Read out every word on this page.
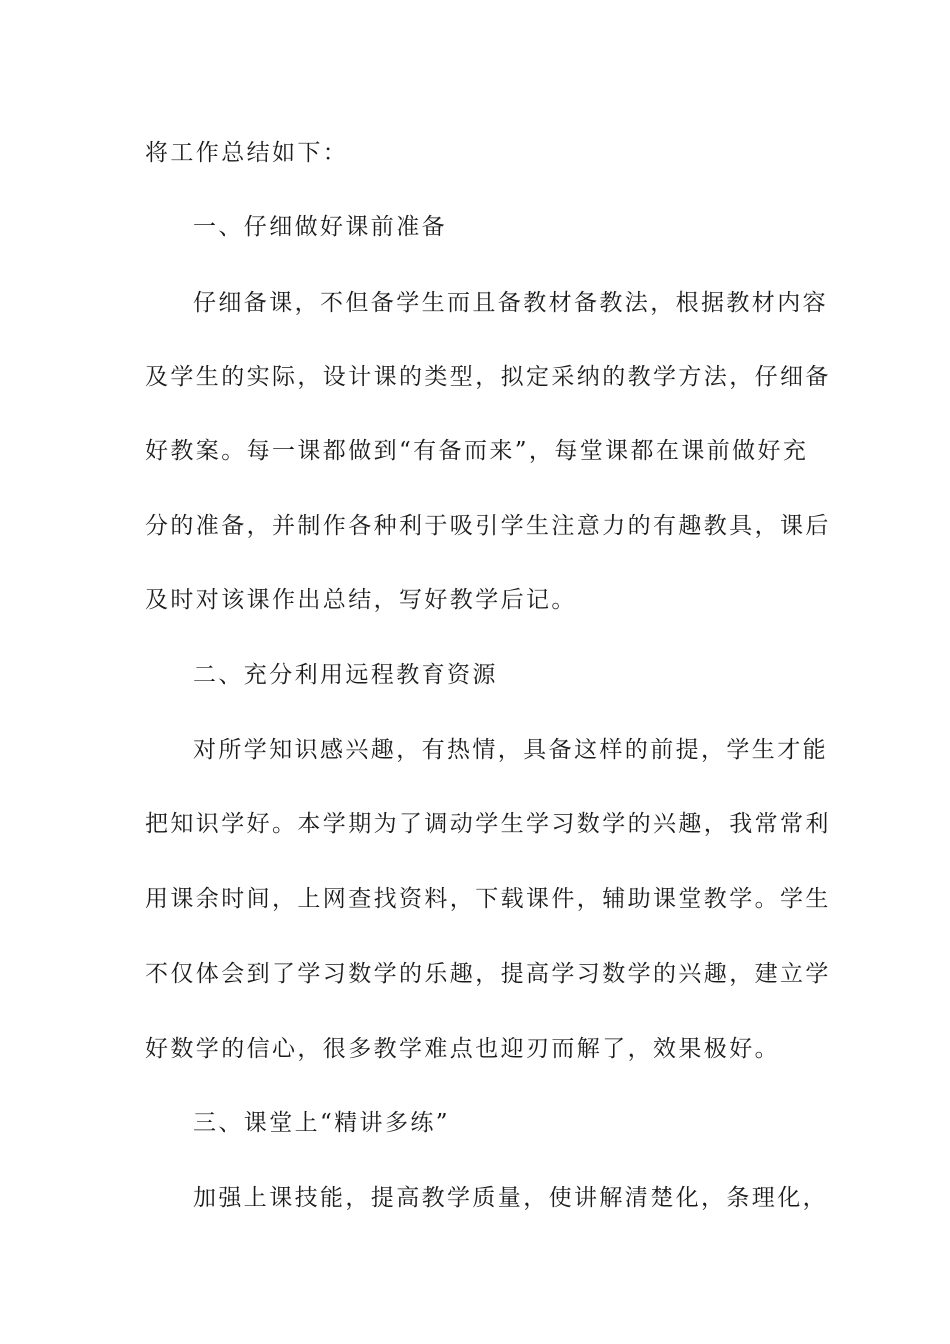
将工作总结如下：
一、仔细做好课前准备
仔细备课，不但备学生而且备教材备教法，根据教材内容
及学生的实际，设计课的类型，拟定采纳的教学方法，仔细备
好教案。每一课都做到“有备而来”，每堂课都在课前做好充
分的准备，并制作各种利于吸引学生注意力的有趣教具，课后
及时对该课作出总结，写好教学后记。
二、充分利用远程教育资源
对所学知识感兴趣，有热情，具备这样的前提，学生才能
把知识学好。本学期为了调动学生学习数学的兴趣，我常常利
用课余时间，上网查找资料，下载课件，辅助课堂教学。学生
不仅体会到了学习数学的乐趣，提高学习数学的兴趣，建立学
好数学的信心，很多教学难点也迎刃而解了，效果极好。
三、课堂上“精讲多练”
加强上课技能，提高教学质量，使讲解清楚化，条理化，
